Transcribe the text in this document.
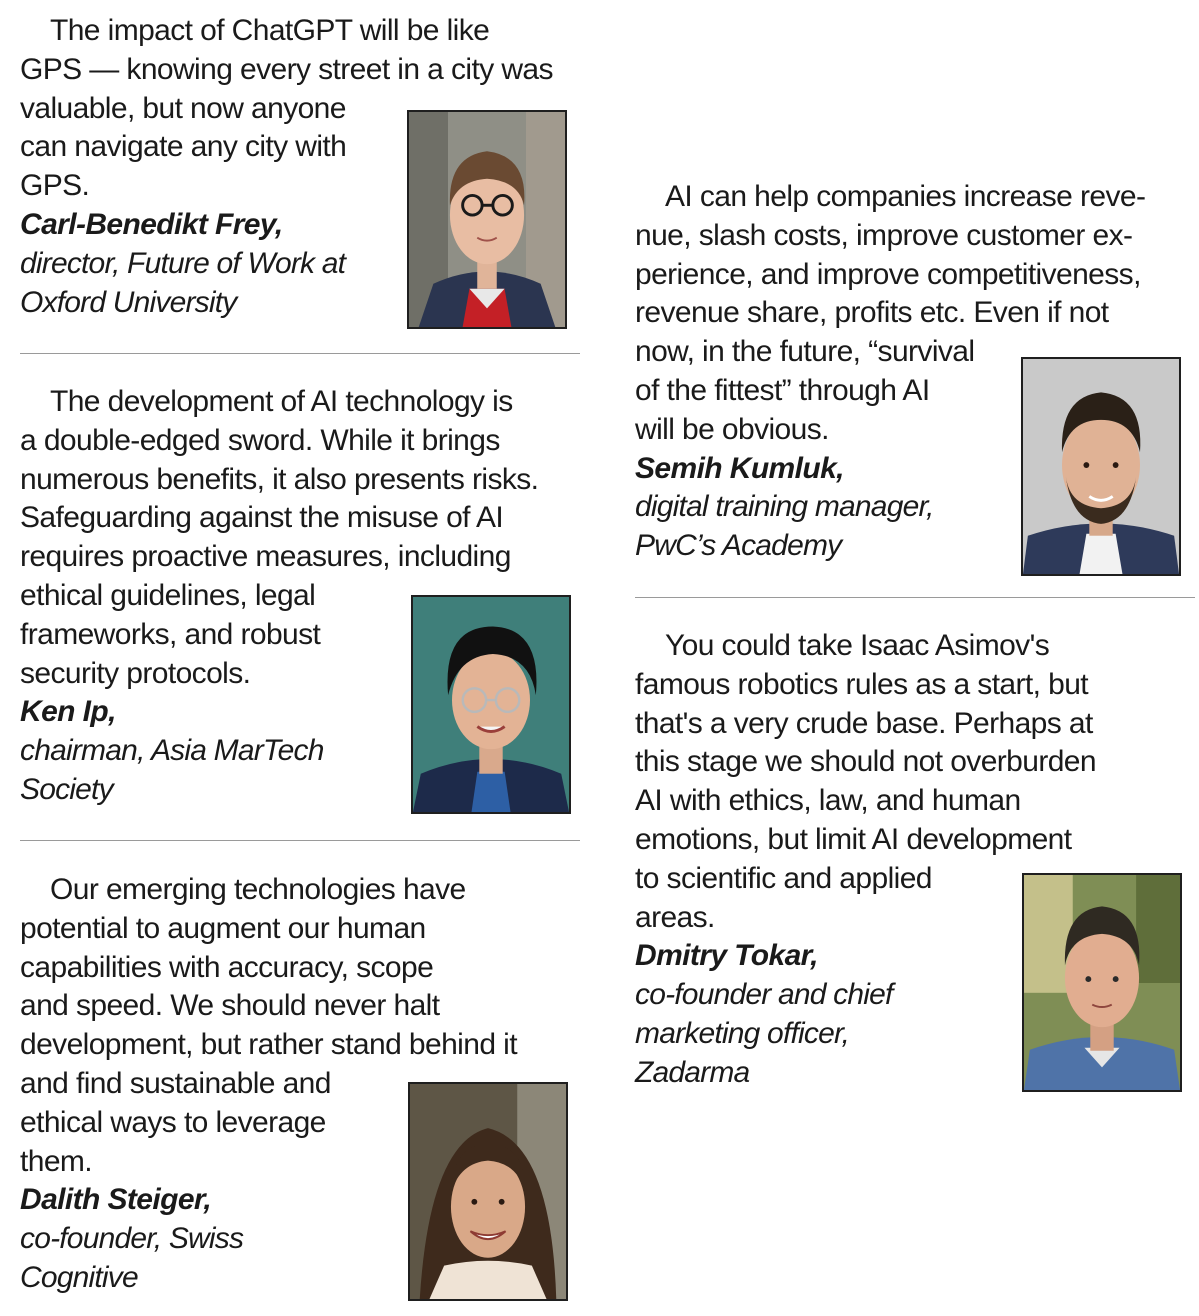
The impact of ChatGPT will be like

GPS — knowing every street in a city was

valuable, but now anyone

can navigate any city with

GPS.

Carl-Benedikt Frey,

director, Future of Work at

Oxford University

The development of AI technology is

a double-edged sword. While it brings

numerous benefits, it also presents risks.

Safeguarding against the misuse of AI

requires proactive measures, including

ethical guidelines, legal

frameworks, and robust

security protocols.

Ken Ip,

chairman, Asia MarTech

Society

Our emerging technologies have

potential to augment our human

capabilities with accuracy, scope

and speed. We should never halt

development, but rather stand behind it

and find sustainable and

ethical ways to leverage

them.

Dalith Steiger,

co-founder, Swiss

Cognitive

AI can help companies increase reve-

nue, slash costs, improve customer ex-

perience, and improve competitiveness,

revenue share, profits etc. Even if not

now, in the future, “survival

of the fittest” through AI

will be obvious.

Semih Kumluk,

digital training manager,

PwC’s Academy

You could take Isaac Asimov's

famous robotics rules as a start, but

that's a very crude base. Perhaps at

this stage we should not overburden

AI with ethics, law, and human

emotions, but limit AI development

to scientific and applied

areas.

Dmitry Tokar,

co-founder and chief

marketing officer,

Zadarma
